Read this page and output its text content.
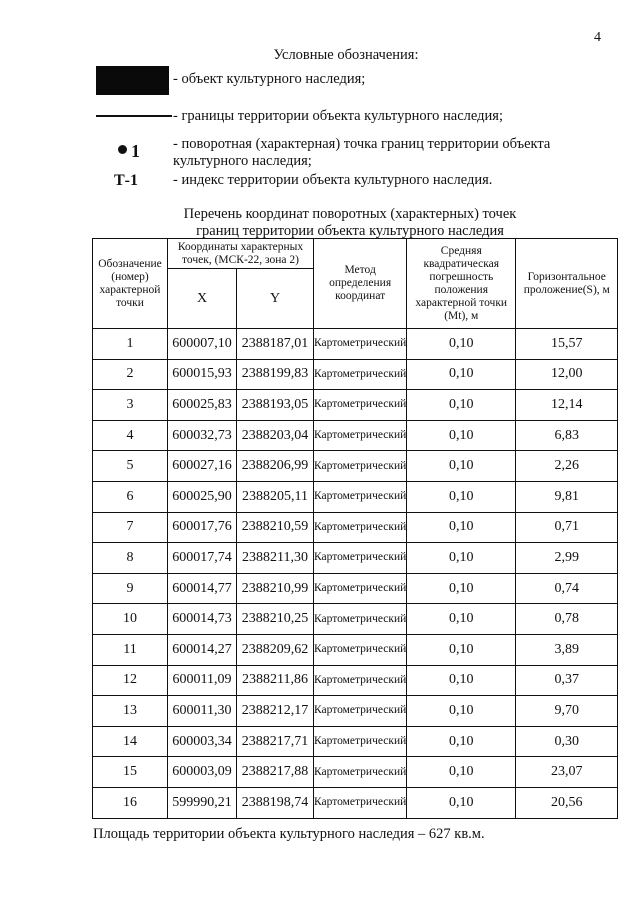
4
Условные обозначения:
- объект культурного наследия;
- границы территории объекта культурного наследия;
1 - поворотная (характерная) точка границ территории объекта
культурного наследия;
Т-1 - индекс территории объекта культурного наследия.
Перечень координат поворотных (характерных) точек
границ территории объекта культурного наследия
Обозначение (номер) характерной точки	Координаты характерных точек, (МСК-22, зона 2)		Метод определения координат	Средняя квадратическая погрешность положения характерной точки (Mt), м	Горизонтальное проложение(S), м
	X	Y			
1	600007,10	2388187,01	Картометрический	0,10	15,57
2	600015,93	2388199,83	Картометрический	0,10	12,00
3	600025,83	2388193,05	Картометрический	0,10	12,14
4	600032,73	2388203,04	Картометрический	0,10	6,83
5	600027,16	2388206,99	Картометрический	0,10	2,26
6	600025,90	2388205,11	Картометрический	0,10	9,81
7	600017,76	2388210,59	Картометрический	0,10	0,71
8	600017,74	2388211,30	Картометрический	0,10	2,99
9	600014,77	2388210,99	Картометрический	0,10	0,74
10	600014,73	2388210,25	Картометрический	0,10	0,78
11	600014,27	2388209,62	Картометрический	0,10	3,89
12	600011,09	2388211,86	Картометрический	0,10	0,37
13	600011,30	2388212,17	Картометрический	0,10	9,70
14	600003,34	2388217,71	Картометрический	0,10	0,30
15	600003,09	2388217,88	Картометрический	0,10	23,07
16	599990,21	2388198,74	Картометрический	0,10	20,56
Площадь территории объекта культурного наследия – 627 кв.м.
